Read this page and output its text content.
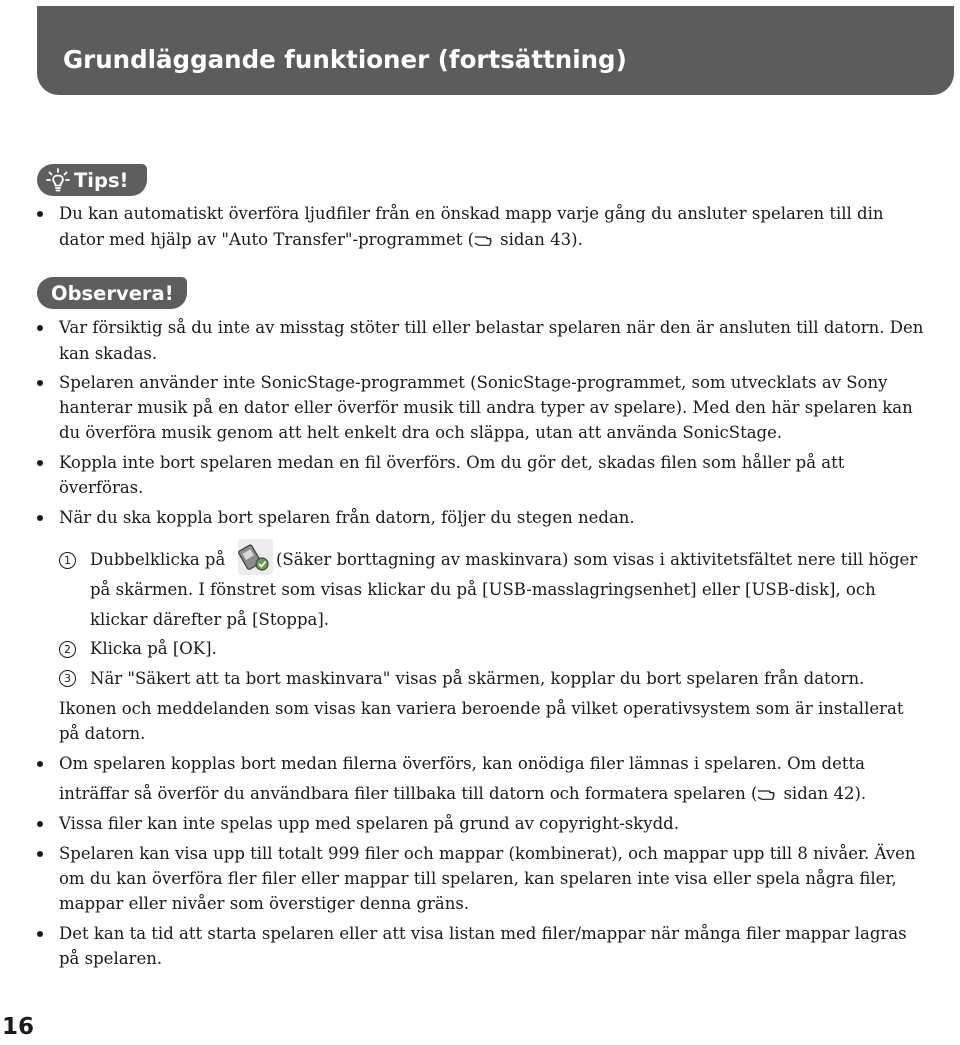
Grundläggande funktioner (fortsättning)
Tips!
Du kan automatiskt överföra ljudfiler från en önskad mapp varje gång du ansluter spelaren till din
dator med hjälp av "Auto Transfer"-programmet ( sidan 43).
Observera!
Var försiktig så du inte av misstag stöter till eller belastar spelaren när den är ansluten till datorn. Den
kan skadas.
Spelaren använder inte SonicStage-programmet (SonicStage-programmet, som utvecklats av Sony
hanterar musik på en dator eller överför musik till andra typer av spelare). Med den här spelaren kan
du överföra musik genom att helt enkelt dra och släppa, utan att använda SonicStage.
Koppla inte bort spelaren medan en fil överförs. Om du gör det, skadas filen som håller på att
överföras.
När du ska koppla bort spelaren från datorn, följer du stegen nedan.
1	Dubbelklicka på	(Säker borttagning av maskinvara) som visas i aktivitetsfältet nere till höger
på skärmen. I fönstret som visas klickar du på [USB-masslagringsenhet] eller [USB-disk], och
klickar därefter på [Stoppa].
2	Klicka på [OK].
3	När "Säkert att ta bort maskinvara" visas på skärmen, kopplar du bort spelaren från datorn.
Ikonen och meddelanden som visas kan variera beroende på vilket operativsystem som är installerat
på datorn.
Om spelaren kopplas bort medan filerna överförs, kan onödiga filer lämnas i spelaren. Om detta
inträffar så överför du användbara filer tillbaka till datorn och formatera spelaren ( sidan 42).
Vissa filer kan inte spelas upp med spelaren på grund av copyright-skydd.
Spelaren kan visa upp till totalt 999 filer och mappar (kombinerat), och mappar upp till 8 nivåer. Även
om du kan överföra fler filer eller mappar till spelaren, kan spelaren inte visa eller spela några filer,
mappar eller nivåer som överstiger denna gräns.
Det kan ta tid att starta spelaren eller att visa listan med filer/mappar när många filer mappar lagras
på spelaren.
16
